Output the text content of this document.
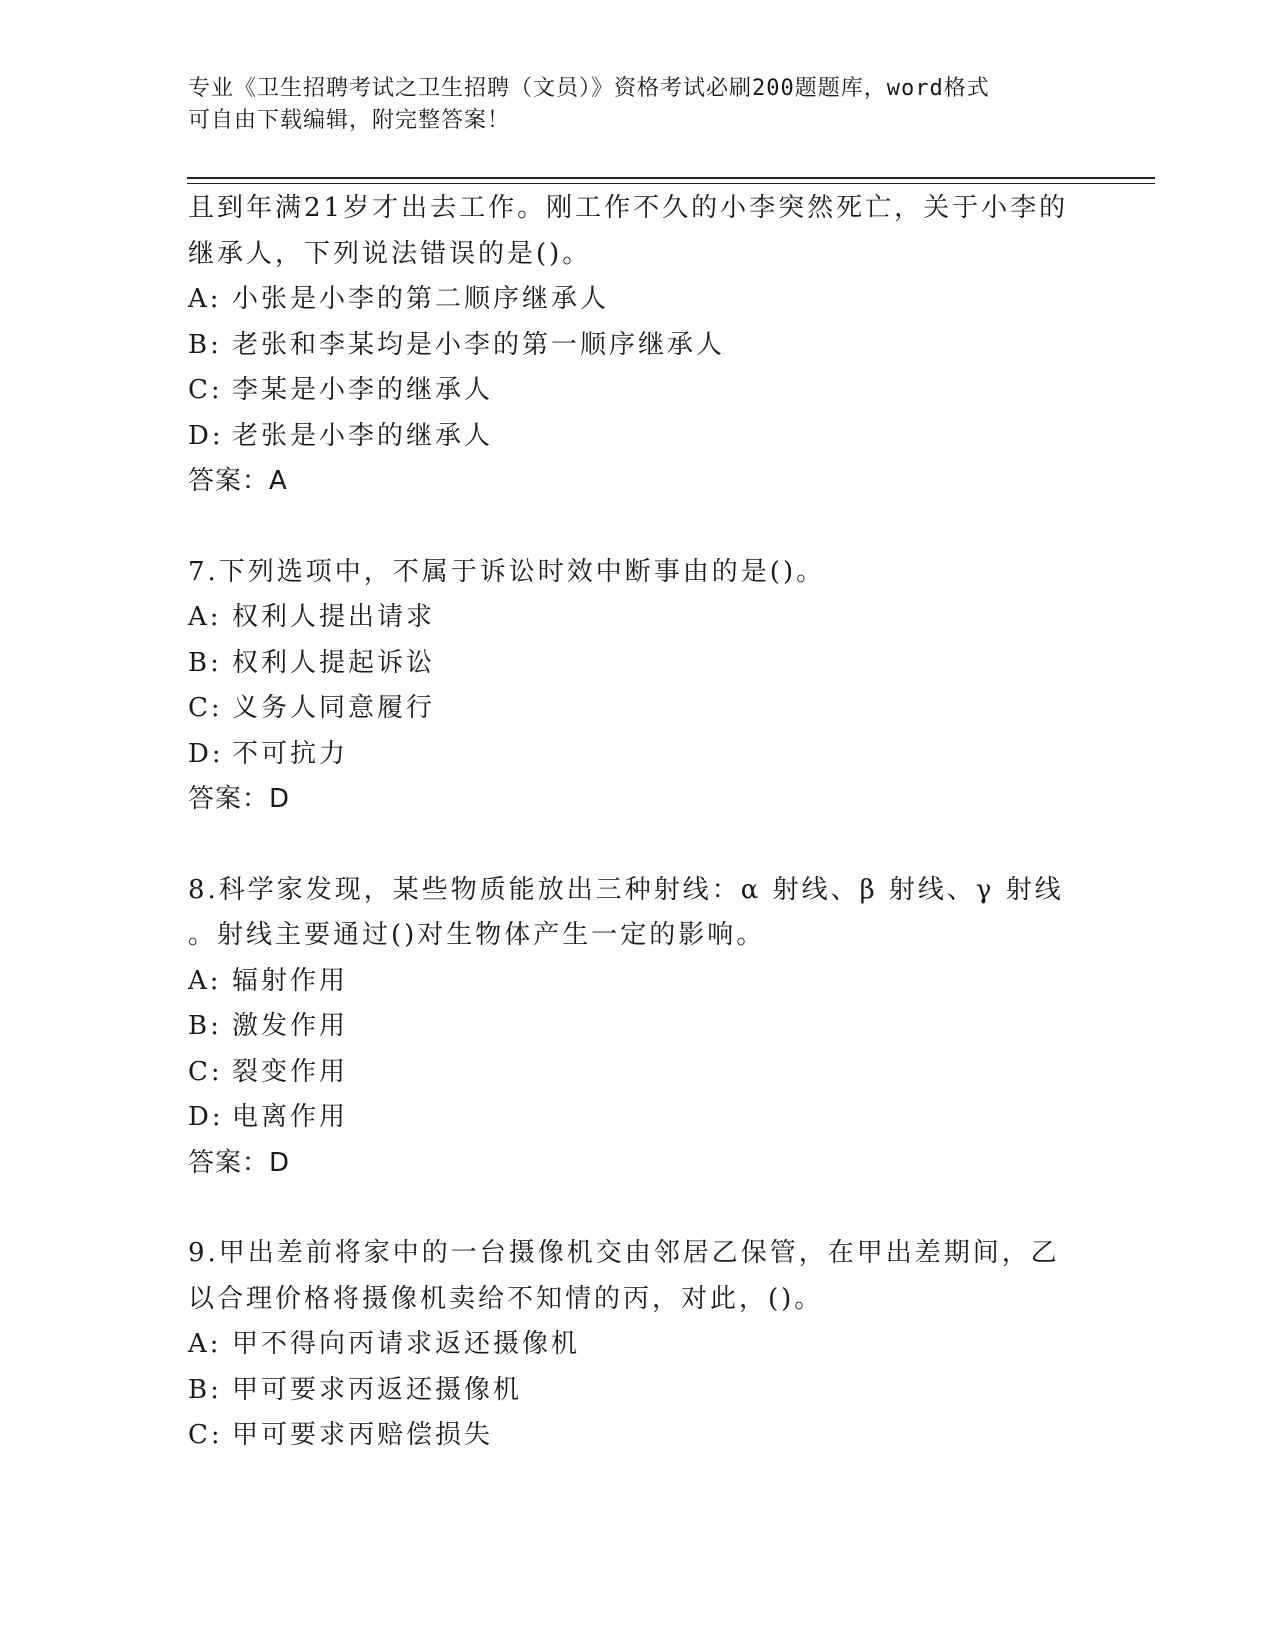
专业《卫生招聘考试之卫生招聘（文员）》资格考试必刷200题题库，word格式
可自由下载编辑，附完整答案！
且到年满21岁才出去工作。刚工作不久的小李突然死亡，关于小李的
继承人，下列说法错误的是()。
A: 小张是小李的第二顺序继承人
B: 老张和李某均是小李的第一顺序继承人
C: 李某是小李的继承人
D: 老张是小李的继承人
答案：A
7.下列选项中，不属于诉讼时效中断事由的是()。
A: 权利人提出请求
B: 权利人提起诉讼
C: 义务人同意履行
D: 不可抗力
答案：D
8.科学家发现，某些物质能放出三种射线：α 射线、β 射线、γ 射线
。射线主要通过()对生物体产生一定的影响。
A: 辐射作用
B: 激发作用
C: 裂变作用
D: 电离作用
答案：D
9.甲出差前将家中的一台摄像机交由邻居乙保管，在甲出差期间，乙
以合理价格将摄像机卖给不知情的丙，对此，()。
A: 甲不得向丙请求返还摄像机
B: 甲可要求丙返还摄像机
C: 甲可要求丙赔偿损失
